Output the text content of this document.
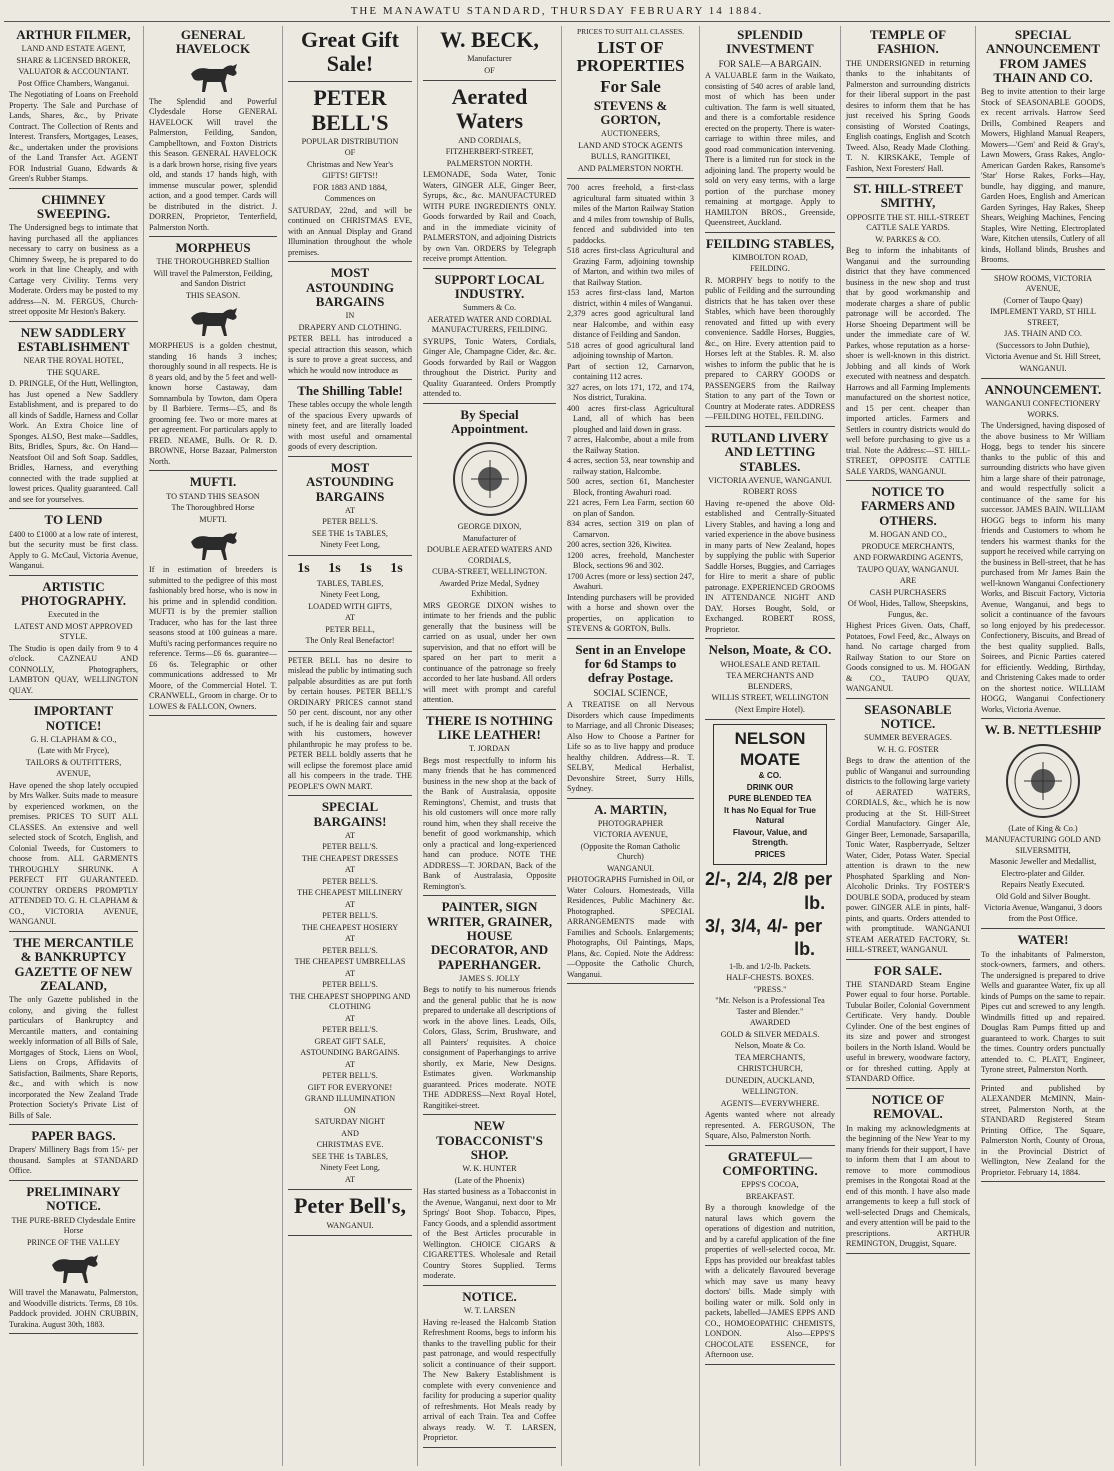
THE MANAWATU STANDARD, THURSDAY FEBRUARY 14 1884.
ARTHUR FILMER,
LAND AND ESTATE AGENT,
SHARE & LICENSED BROKER,
VALUATOR & ACCOUNTANT.
Post Office Chambers, Wanganui.
The Negotiating of Loans on Freehold Property. The Sale and Purchase of Lands, Shares, &c., by Private Contract. The Collection of Rents and Interest. Transfers, Mortgages, Leases, &c., undertaken under the provisions of the Land Transfer Act. AGENT FOR Industrial Guano, Edwards & Green's Rubber Stamps.
CHIMNEY SWEEPING.
The Undersigned begs to intimate that having purchased all the appliances necessary to carry on business as a Chimney Sweep, he is prepared to do work in that line Cheaply, and with Cartage very Civility. Terms very Moderate. Orders may be posted to my address—N. M. FERGUS, Church-street opposite Mr Heston's Bakery.
NEW SADDLERY ESTABLISHMENT
NEAR THE ROYAL HOTEL,
THE SQUARE.
D. PRINGLE, Of the Hutt, Wellington, has Just opened a New Saddlery Establishment, and is prepared to do all kinds of Saddle, Harness and Collar Work. An Extra Choice line of Sponges. ALSO, Best make—Saddles, Bits, Bridles, Spurs, &c. On Hand—Neatsfoot Oil and Soft Soap. Saddles, Bridles, Harness, and everything connected with the trade supplied at lowest prices. Quality guaranteed. Call and see for yourselves.
TO LEND
£400 to £1000 at a low rate of interest, but the security must be first class. Apply to G. McCaul, Victoria Avenue, Wanganui.
ARTISTIC PHOTOGRAPHY.
Executed in the
LATEST AND MOST APPROVED STYLE.
The Studio is open daily from 9 to 4 o'clock. CAZNEAU AND CONNOLLY, Photographers, LAMBTON QUAY, WELLINGTON QUAY.
IMPORTANT NOTICE!
G. H. CLAPHAM & CO.,
(Late with Mr Fryce),
TAILORS & OUTFITTERS,
AVENUE,
Have opened the shop lately occupied by Mrs Walker. Suits made to measure by experienced workmen, on the premises. PRICES TO SUIT ALL CLASSES. An extensive and well selected stock of Scotch, English, and Colonial Tweeds, for Customers to choose from. ALL GARMENTS THROUGHLY SHRUNK. A PERFECT FIT GUARANTEED. COUNTRY ORDERS PROMPTLY ATTENDED TO. G. H. CLAPHAM & CO., VICTORIA AVENUE, WANGANUI.
THE MERCANTILE & BANKRUPTCY GAZETTE OF NEW ZEALAND,
The only Gazette published in the colony, and giving the fullest particulars of Bankruptcy and Mercantile matters, and containing weekly information of all Bills of Sale, Mortgages of Stock, Liens on Wool, Liens on Crops, Affidavits of Satisfaction, Bailments, Share Reports, &c., and with which is now incorporated the New Zealand Trade Protection Society's Private List of Bills of Sale.
PAPER BAGS.
Drapers' Millinery Bags from 15/- per thousand. Samples at STANDARD Office.
PRELIMINARY NOTICE.
THE PURE-BRED Clydesdale Entire Horse
PRINCE OF THE VALLEY
Will travel the Manawatu, Palmerston, and Woodville districts. Terms, £8 10s. Paddock provided. JOHN CRUBBIN, Turakina. August 30th, 1883.
GENERAL HAVELOCK
The Splendid and Powerful Clydesdale Horse GENERAL HAVELOCK Will travel the Palmerston, Feilding, Sandon, Campbelltown, and Foxton Districts this Season. GENERAL HAVELOCK is a dark brown horse, rising five years old, and stands 17 hands high, with immense muscular power, splendid action, and a good temper. Cards will be distributed in the district. J. DORREN, Proprietor, Tenterfield, Palmerston North.
MORPHEUS
THE THOROUGHBRED Stallion
Will travel the Palmerston, Feilding, and Sandon District
THIS SEASON.
MORPHEUS is a golden chestnut, standing 16 hands 3 inches; thoroughly sound in all respects. He is 8 years old, and by the 5 feet and well-known horse Castaway, dam Somnambula by Towton, dam Opera by Il Barbiere. Terms—£5, and 8s grooming fee. Two or more mares at per agreement. For particulars apply to FRED. NEAME, Bulls. Or R. D. BROWNE, Horse Bazaar, Palmerston North.
MUFTI.
TO STAND THIS SEASON
The Thoroughbred Horse
MUFTI.
If in estimation of breeders is submitted to the pedigree of this most fashionably bred horse, who is now in his prime and in splendid condition. MUFTI is by the premier stallion Traducer, who has for the last three seasons stood at 100 guineas a mare. Mufti's racing performances require no reference. Terms—£6 6s. guarantee—£6 6s. Telegraphic or other communications addressed to Mr Moore, of the Commercial Hotel. T. CRANWELL, Groom in charge. Or to LOWES & FALLCON, Owners.
Great Gift Sale!
PETER BELL'S
POPULAR DISTRIBUTION
OF
Christmas and New Year's
GIFTS! GIFTS!!
FOR 1883 AND 1884,
Commences on
SATURDAY, 22nd, and will be continued on CHRISTMAS EVE, with an Annual Display and Grand Illumination throughout the whole premises.
MOST ASTOUNDING BARGAINS
IN
DRAPERY AND CLOTHING.
PETER BELL has introduced a special attraction this season, which is sure to prove a great success, and which he would now introduce as
The Shilling Table!
These tables occupy the whole length of the spacious Every upwards of ninety feet, and are literally loaded with most useful and ornamental goods of every description.
MOST ASTOUNDING BARGAINS
AT
PETER BELL'S.
SEE THE 1s TABLES,
Ninety Feet Long,
1s 1s 1s 1s
TABLES, TABLES,
Ninety Feet Long,
LOADED WITH GIFTS,
AT
PETER BELL,
The Only Real Benefactor!
PETER BELL has no desire to mislead the public by intimating such palpable absurdities as are put forth by certain houses. PETER BELL'S ORDINARY PRICES cannot stand 50 per cent. discount, nor any other such, if he is dealing fair and square with his customers, however philanthropic he may profess to be. PETER BELL boldly asserts that he will eclipse the foremost place amid all his compeers in the trade. THE PEOPLE'S OWN MART.
SPECIAL BARGAINS!
AT
PETER BELL'S.
THE CHEAPEST DRESSES
AT
PETER BELL'S.
THE CHEAPEST MILLINERY
AT
PETER BELL'S.
THE CHEAPEST HOSIERY
AT
PETER BELL'S.
THE CHEAPEST UMBRELLAS
AT
PETER BELL'S.
THE CHEAPEST SHOPPING AND CLOTHING
AT
PETER BELL'S.
GREAT GIFT SALE,
ASTOUNDING BARGAINS.
AT
PETER BELL'S.
GIFT FOR EVERYONE!
GRAND ILLUMINATION
ON
SATURDAY NIGHT
AND
CHRISTMAS EVE.
SEE THE 1s TABLES,
Ninety Feet Long,
AT
Peter Bell's,
WANGANUI.
W. BECK,
Manufacturer
OF
Aerated Waters
AND CORDIALS,
FITZHERBERT-STREET,
PALMERSTON NORTH.
LEMONADE, Soda Water, Tonic Waters, GINGER ALE, Ginger Beer, Syrups, &c., &c. MANUFACTURED WITH PURE INGREDIENTS ONLY. Goods forwarded by Rail and Coach, and in the immediate vicinity of PALMERSTON, and adjoining Districts by own Van. ORDERS by Telegraph receive prompt Attention.
SUPPORT LOCAL INDUSTRY.
Summers & Co.
AERATED WATER AND CORDIAL MANUFACTURERS, FEILDING.
SYRUPS, Tonic Waters, Cordials, Ginger Ale, Champagne Cider, &c. &c. Goods forwarded by Rail or Waggon throughout the District. Purity and Quality Guaranteed. Orders Promptly attended to.
By Special Appointment.
GEORGE DIXON,
Manufacturer of
DOUBLE AERATED WATERS AND CORDIALS,
CUBA-STREET, WELLINGTON.
Awarded Prize Medal, Sydney Exhibition.
MRS GEORGE DIXON wishes to intimate to her friends and the public generally that the business will be carried on as usual, under her own supervision, and that no effort will be spared on her part to merit a continuance of the patronage so freely accorded to her late husband. All orders will meet with prompt and careful attention.
THERE IS NOTHING LIKE LEATHER!
T. JORDAN
Begs most respectfully to inform his many friends that he has commenced business in the new shop at the back of the Bank of Australasia, opposite Remingtons', Chemist, and trusts that his old customers will once more rally round him, when they shall receive the benefit of good workmanship, which only a practical and long-experienced hand can produce. NOTE THE ADDRESS—T. JORDAN, Back of the Bank of Australasia, Opposite Remington's.
PAINTER, SIGN WRITER, GRAINER, HOUSE DECORATOR, AND PAPERHANGER.
JAMES S. JOLLY
Begs to notify to his numerous friends and the general public that he is now prepared to undertake all descriptions of work in the above lines. Leads, Oils, Colors, Glass, Scrim, Brushware, and all Painters' requisites. A choice consignment of Paperhangings to arrive shortly, ex Marie, New Designs. Estimates given. Workmanship guaranteed. Prices moderate. NOTE THE ADDRESS—Next Royal Hotel, Rangitikei-street.
NEW TOBACCONIST'S SHOP.
W. K. HUNTER
(Late of the Phoenix)
Has started business as a Tobacconist in the Avenue, Wanganui, next door to Mr Springs' Boot Shop. Tobacco, Pipes, Fancy Goods, and a splendid assortment of the Best Articles procurable in Wellington. CHOICE CIGARS & CIGARETTES. Wholesale and Retail Country Stores Supplied. Terms moderate.
NOTICE.
W. T. LARSEN
Having re-leased the Halcomb Station Refreshment Rooms, begs to inform his thanks to the travelling public for their past patronage, and would respectfully solicit a continuance of their support. The New Bakery Establishment is complete with every convenience and facility for producing a superior quality of refreshments. Hot Meals ready by arrival of each Train. Tea and Coffee always ready. W. T. LARSEN, Proprietor.
PRICES TO SUIT ALL CLASSES.
LIST OF PROPERTIES
For Sale
STEVENS & GORTON,
AUCTIONEERS,
LAND AND STOCK AGENTS
BULLS, RANGITIKEI,
AND PALMERSTON NORTH.
700 acres freehold, a first-class agricultural farm situated within 3 miles of the Marton Railway Station and 4 miles from township of Bulls, fenced and subdivided into ten paddocks.
518 acres first-class Agricultural and Grazing Farm, adjoining township of Marton, and within two miles of that Railway Station.
153 acres first-class land, Marton district, within 4 miles of Wanganui.
2,379 acres good agricultural land near Halcombe, and within easy distance of Feilding and Sandon.
518 acres of good agricultural land adjoining township of Marton.
Part of section 12, Carnarvon, containing 112 acres.
327 acres, on lots 171, 172, and 174, Nos district, Turakina.
400 acres first-class Agricultural Land, all of which has been ploughed and laid down in grass.
7 acres, Halcombe, about a mile from the Railway Station.
4 acres, section 53, near township and railway station, Halcombe.
500 acres, section 61, Manchester Block, fronting Awahuri road.
221 acres, Fern Lea Farm, section 60 on plan of Sandon.
834 acres, section 319 on plan of Carnarvon.
200 acres, section 326, Kiwitea.
1200 acres, freehold, Manchester Block, sections 96 and 302.
1700 Acres (more or less) section 247, Awahuri.
Intending purchasers will be provided with a horse and shown over the properties, on application to STEVENS & GORTON, Bulls.
Sent in an Envelope for 6d Stamps to defray Postage.
SOCIAL SCIENCE,
A TREATISE on all Nervous Disorders which cause Impediments to Marriage, and all Chronic Diseases; Also How to Choose a Partner for Life so as to live happy and produce healthy children. Address—R. T. SELBY, Medical Herbalist, Devonshire Street, Surry Hills, Sydney.
A. MARTIN,
PHOTOGRAPHER
VICTORIA AVENUE,
(Opposite the Roman Catholic Church)
WANGANUI.
PHOTOGRAPHS Furnished in Oil, or Water Colours. Homesteads, Villa Residences, Public Machinery &c. Photographed. SPECIAL ARRANGEMENTS made with Families and Schools. Enlargements; Photographs, Oil Paintings, Maps, Plans, &c. Copied. Note the Address:—Opposite the Catholic Church, Wanganui.
SPLENDID INVESTMENT
FOR SALE—A BARGAIN.
A VALUABLE farm in the Waikato, consisting of 540 acres of arable land, most of which has been under cultivation. The farm is well situated, and there is a comfortable residence erected on the property. There is water-carriage to within three miles, and good road communication intervening. There is a limited run for stock in the adjoining land. The property would be sold on very easy terms, with a large portion of the purchase money remaining at mortgage. Apply to HAMILTON BROS., Greenside, Queenstreet, Auckland.
FEILDING STABLES,
KIMBOLTON ROAD,
FEILDING.
R. MORPHY begs to notify to the public of Feilding and the surrounding districts that he has taken over these Stables, which have been thoroughly renovated and fitted up with every convenience. Saddle Horses, Buggies, &c., on Hire. Every attention paid to Horses left at the Stables. R. M. also wishes to inform the public that he is prepared to CARRY GOODS or PASSENGERS from the Railway Station to any part of the Town or Country at Moderate rates. ADDRESS—FEILDING HOTEL, FEILDING.
RUTLAND LIVERY AND LETTING STABLES.
VICTORIA AVENUE, WANGANUI.
ROBERT ROSS
Having re-opened the above Old-established and Centrally-Situated Livery Stables, and having a long and varied experience in the above business in many parts of New Zealand, hopes by supplying the public with Superior Saddle Horses, Buggies, and Carriages for Hire to merit a share of public patronage. EXPERIENCED GROOMS IN ATTENDANCE NIGHT AND DAY. Horses Bought, Sold, or Exchanged. ROBERT ROSS, Proprietor.
Nelson, Moate, & CO.
WHOLESALE AND RETAIL
TEA MERCHANTS AND BLENDERS,
WILLIS STREET, WELLINGTON
(Next Empire Hotel).
NELSON
MOATE
& CO.
DRINK OUR
PURE BLENDED TEA
It has No Equal for True Natural
Flavour, Value, and Strength.
PRICES
2/-, 2/4, 2/8 per lb.
3/, 3/4, 4/- per lb.
1-lb. and 1/2-lb. Packets.
HALF-CHESTS. BOXES.
"PRESS."
"Mr. Nelson is a Professional Tea Taster and Blender."
AWARDED
GOLD & SILVER MEDALS.
Nelson, Moate & Co.
TEA MERCHANTS,
CHRISTCHURCH,
DUNEDIN, AUCKLAND,
WELLINGTON.
AGENTS—EVERYWHERE.
Agents wanted where not already represented. A. FERGUSON, The Square, Also, Palmerston North.
GRATEFUL—COMFORTING.
EPPS'S COCOA,
BREAKFAST.
By a thorough knowledge of the natural laws which govern the operations of digestion and nutrition, and by a careful application of the fine properties of well-selected cocoa, Mr. Epps has provided our breakfast tables with a delicately flavoured beverage which may save us many heavy doctors' bills. Made simply with boiling water or milk. Sold only in packets, labelled—JAMES EPPS AND CO., HOMOEOPATHIC CHEMISTS, LONDON. Also—EPPS'S CHOCOLATE ESSENCE, for Afternoon use.
TEMPLE OF FASHION.
THE UNDERSIGNED in returning thanks to the inhabitants of Palmerston and surrounding districts for their liberal support in the past desires to inform them that he has just received his Spring Goods consisting of Worsted Coatings, English coatings, English and Scotch Tweed. Also, Ready Made Clothing. T. N. KIRSKAKE, Temple of Fashion, Next Foresters' Hall.
ST. HILL-STREET SMITHY,
OPPOSITE THE ST. HILL-STREET CATTLE SALE YARDS.
W. PARKES & CO.
Beg to inform the inhabitants of Wanganui and the surrounding district that they have commenced business in the new shop and trust that by good workmanship and moderate charges a share of public patronage will be accorded. The Horse Shoeing Department will be under the immediate care of W. Parkes, whose reputation as a horse-shoer is well-known in this district. Jobbing and all kinds of Work executed with neatness and despatch. Harrows and all Farming Implements manufactured on the shortest notice, and 15 per cent. cheaper than imported articles. Farmers and Settlers in country districts would do well before purchasing to give us a trial. Note the Address:—ST. HILL-STREET, OPPOSITE CATTLE SALE YARDS, WANGANUI.
NOTICE TO FARMERS AND OTHERS.
M. HOGAN AND CO.,
PRODUCE MERCHANTS,
AND FORWARDING AGENTS,
TAUPO QUAY, WANGANUI.
ARE
CASH PURCHASERS
Of Wool, Hides, Tallow, Sheepskins, Fungus, &c.
Highest Prices Given. Oats, Chaff, Potatoes, Fowl Feed, &c., Always on hand. No cartage charged from Railway Station to our Store on Goods consigned to us. M. HOGAN & CO., TAUPO QUAY, WANGANUI.
SEASONABLE NOTICE.
SUMMER BEVERAGES.
W. H. G. FOSTER
Begs to draw the attention of the public of Wanganui and surrounding districts to the following large variety of AERATED WATERS, CORDIALS, &c., which he is now producing at the St. Hill-Street Cordial Manufactory. Ginger Ale, Ginger Beer, Lemonade, Sarsaparilla, Tonic Water, Raspberryade, Seltzer Water, Cider, Potass Water. Special attention is drawn to the new Phosphated Sparkling and Non-Alcoholic Drinks. Try FOSTER'S DOUBLE SODA, produced by steam power. GINGER ALE in pints, half-pints, and quarts. Orders attended to with promptitude. WANGANUI STEAM AERATED FACTORY, St. HILL-STREET, WANGANUI.
FOR SALE.
THE STANDARD Steam Engine Power equal to four horse. Portable. Tubular Boiler, Colonial Government Certificate. Very handy. Double Cylinder. One of the best engines of its size and power and strongest boilers in the North Island. Would be useful in brewery, woodware factory, or for threshed cutting. Apply at STANDARD Office.
NOTICE OF REMOVAL.
In making my acknowledgments at the beginning of the New Year to my many friends for their support, I have to inform them that I am about to remove to more commodious premises in the Rongotai Road at the end of this month. I have also made arrangements to keep a full stock of well-selected Drugs and Chemicals, and every attention will be paid to the prescriptions. ARTHUR REMINGTON, Druggist, Square.
SPECIAL ANNOUNCEMENT FROM JAMES THAIN AND CO.
Beg to invite attention to their large Stock of SEASONABLE GOODS, ex recent arrivals. Harrow Seed Drills, Combined Reapers and Mowers, Highland Manual Reapers, Mowers—'Gem' and Reid & Gray's, Lawn Mowers, Grass Rakes, Anglo-American Garden Rakes, Ransome's 'Star' Horse Rakes, Forks—Hay, bundle, hay digging, and manure, Garden Hoes, English and American Garden Syringes, Hay Rakes, Sheep Shears, Weighing Machines, Fencing Staples, Wire Netting, Electroplated Ware, Kitchen utensils, Cutlery of all kinds, Holland blinds, Brushes and Brooms.
SHOW ROOMS, VICTORIA AVENUE,
(Corner of Taupo Quay)
IMPLEMENT YARD, ST HILL STREET,
JAS. THAIN AND CO.
(Successors to John Duthie),
Victoria Avenue and St. Hill Street,
WANGANUI.
ANNOUNCEMENT.
WANGANUI CONFECTIONERY WORKS.
The Undersigned, having disposed of the above business to Mr William Hogg, begs to tender his sincere thanks to the public of this and surrounding districts who have given him a large share of their patronage, and would respectfully solicit a continuance of the same for his successor. JAMES BAIN. WILLIAM HOGG begs to inform his many friends and Customers to whom he tenders his warmest thanks for the support he received while carrying on the business in Bell-street, that he has purchased from Mr James Bain the well-known Wanganui Confectionery Works, and Biscuit Factory, Victoria Avenue, Wanganui, and begs to solicit a continuance of the favours so long enjoyed by his predecessor. Confectionery, Biscuits, and Bread of the best quality supplied. Balls, Soirees, and Picnic Parties catered for efficiently. Wedding, Birthday, and Christening Cakes made to order on the shortest notice. WILLIAM HOGG, Wanganui Confectionery Works, Victoria Avenue.
W. B. NETTLESHIP
(Late of King & Co.)
MANUFACTURING GOLD AND SILVERSMITH,
Masonic Jeweller and Medallist,
Electro-plater and Gilder.
Repairs Neatly Executed.
Old Gold and Silver Bought.
Victoria Avenue, Wanganui, 3 doors from the Post Office.
WATER!
To the inhabitants of Palmerston, stock-owners, farmers, and others. The undersigned is prepared to drive Wells and guarantee Water, fix up all kinds of Pumps on the same to repair. Pipes cut and screwed to any length. Windmills fitted up and repaired. Douglas Ram Pumps fitted up and guaranteed to work. Charges to suit the times. Country orders punctually attended to. C. PLATT, Engineer, Tyrone street, Palmerston North.
Printed and published by ALEXANDER McMINN, Main-street, Palmerston North, at the STANDARD Registered Steam Printing Office, The Square, Palmerston North, County of Oroua, in the Provincial District of Wellington, New Zealand for the Proprietor. February 14, 1884.
